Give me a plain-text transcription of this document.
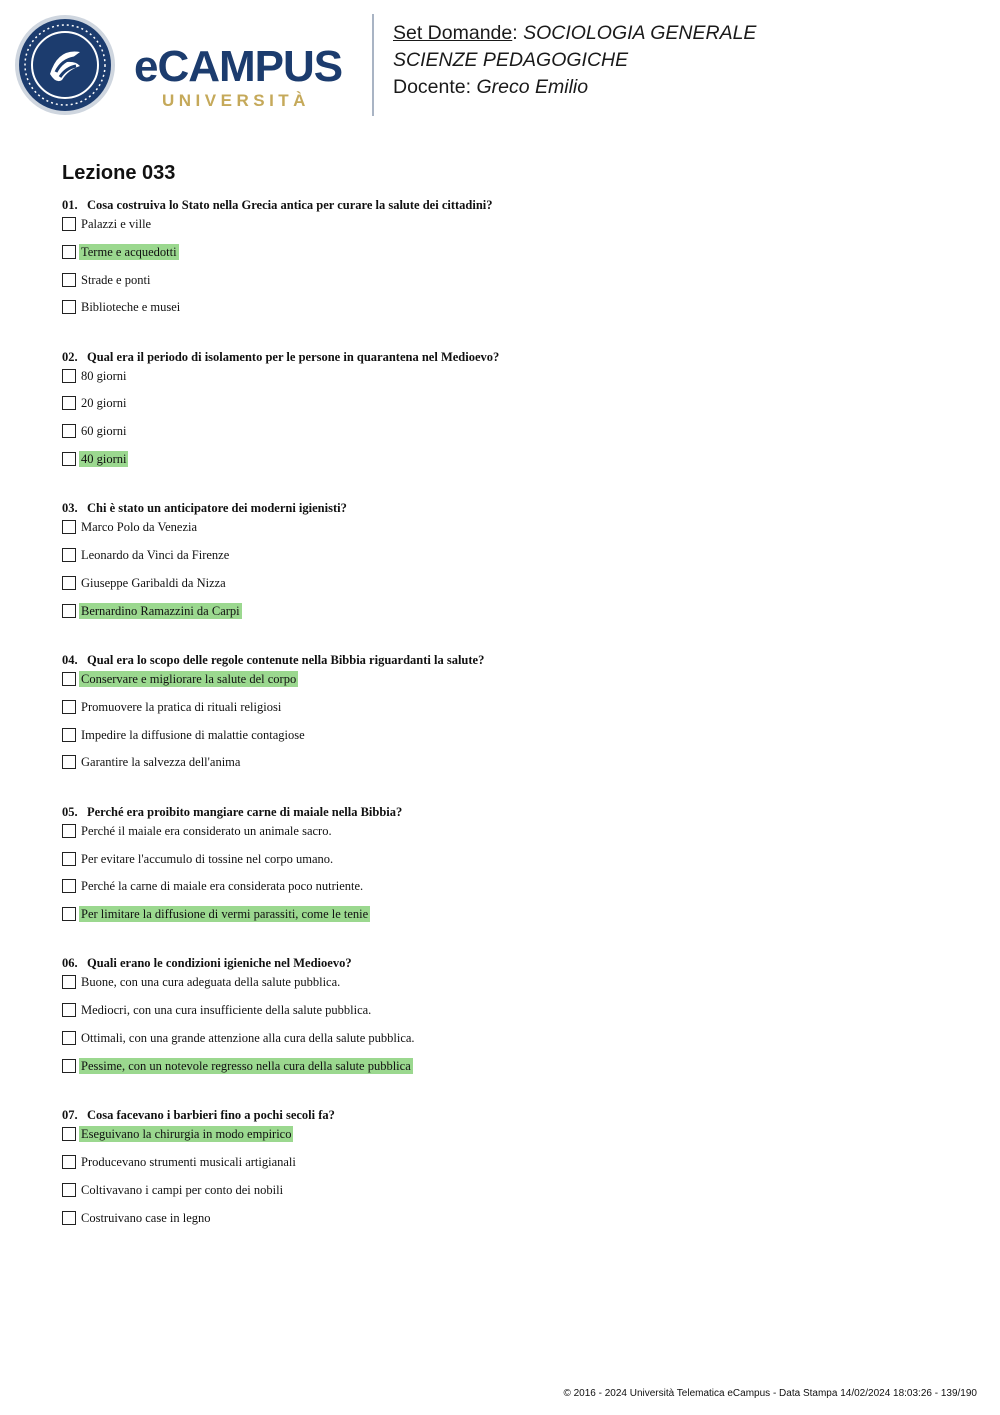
eCAMPUS
UNIVERSITÀ
Set Domande: SOCIOLOGIA GENERALE
SCIENZE PEDAGOGICHE
Docente: Greco Emilio
Lezione 033
01. Cosa costruiva lo Stato nella Grecia antica per curare la salute dei cittadini?
Palazzi e ville
Terme e acquedotti
Strade e ponti
Biblioteche e musei
02. Qual era il periodo di isolamento per le persone in quarantena nel Medioevo?
80 giorni
20 giorni
60 giorni
40 giorni
03. Chi è stato un anticipatore dei moderni igienisti?
Marco Polo da Venezia
Leonardo da Vinci da Firenze
Giuseppe Garibaldi da Nizza
Bernardino Ramazzini da Carpi
04. Qual era lo scopo delle regole contenute nella Bibbia riguardanti la salute?
Conservare e migliorare la salute del corpo
Promuovere la pratica di rituali religiosi
Impedire la diffusione di malattie contagiose
Garantire la salvezza dell'anima
05. Perché era proibito mangiare carne di maiale nella Bibbia?
Perché il maiale era considerato un animale sacro.
Per evitare l'accumulo di tossine nel corpo umano.
Perché la carne di maiale era considerata poco nutriente.
Per limitare la diffusione di vermi parassiti, come le tenie
06. Quali erano le condizioni igieniche nel Medioevo?
Buone, con una cura adeguata della salute pubblica.
Mediocri, con una cura insufficiente della salute pubblica.
Ottimali, con una grande attenzione alla cura della salute pubblica.
Pessime, con un notevole regresso nella cura della salute pubblica
07. Cosa facevano i barbieri fino a pochi secoli fa?
Eseguivano la chirurgia in modo empirico
Producevano strumenti musicali artigianali
Coltivavano i campi per conto dei nobili
Costruivano case in legno
© 2016 - 2024 Università Telematica eCampus - Data Stampa 14/02/2024 18:03:26 - 139/190
